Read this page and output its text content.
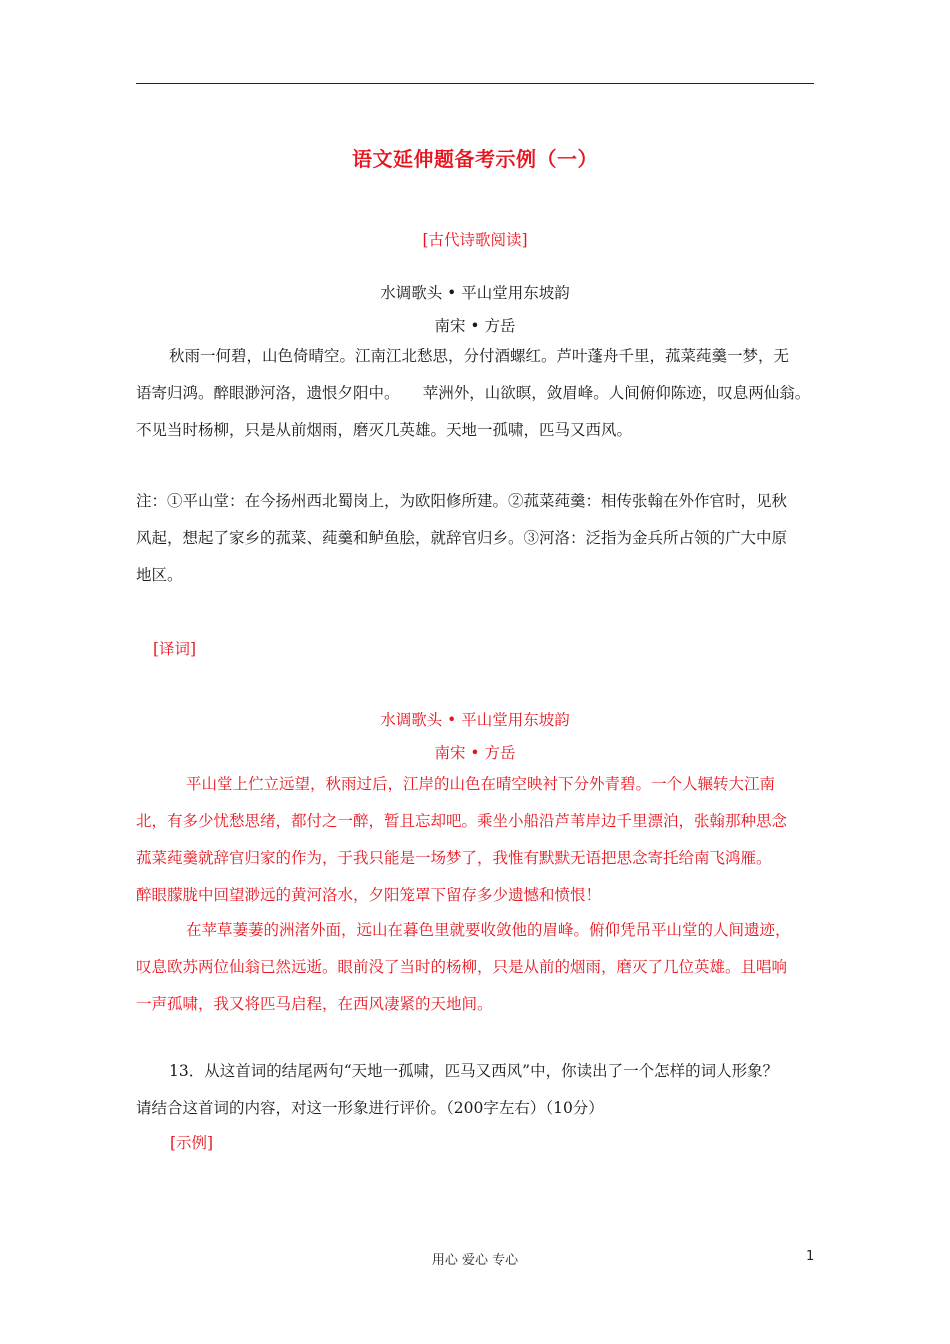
语文延伸题备考示例（一）
[古代诗歌阅读]
水调歌头 • 平山堂用东坡韵
南宋 • 方岳
秋雨一何碧，山色倚晴空。江南江北愁思，分付酒螺红。芦叶蓬舟千里，菰菜莼羹一梦，无
语寄归鸿。醉眼渺河洛，遗恨夕阳中。　　苹洲外，山欲暝，敛眉峰。人间俯仰陈迹，叹息两仙翁。
不见当时杨柳，只是从前烟雨，磨灭几英雄。天地一孤啸，匹马又西风。
注：①平山堂：在今扬州西北蜀岗上，为欧阳修所建。②菰菜莼羹：相传张翰在外作官时，见秋
风起，想起了家乡的菰菜、莼羹和鲈鱼脍，就辞官归乡。③河洛：泛指为金兵所占领的广大中原
地区。
[译词]
水调歌头 • 平山堂用东坡韵
南宋 • 方岳
平山堂上伫立远望，秋雨过后，江岸的山色在晴空映衬下分外青碧。一个人辗转大江南
北，有多少忧愁思绪，都付之一醉，暂且忘却吧。乘坐小船沿芦苇岸边千里漂泊，张翰那种思念
菰菜莼羹就辞官归家的作为，于我只能是一场梦了，我惟有默默无语把思念寄托给南飞鸿雁。
醉眼朦胧中回望渺远的黄河洛水，夕阳笼罩下留存多少遗憾和愤恨！
在苹草萋萋的洲渚外面，远山在暮色里就要收敛他的眉峰。俯仰凭吊平山堂的人间遗迹，
叹息欧苏两位仙翁已然远逝。眼前没了当时的杨柳，只是从前的烟雨，磨灭了几位英雄。且唱响
一声孤啸，我又将匹马启程，在西风凄紧的天地间。
13．从这首词的结尾两句“天地一孤啸，匹马又西风”中，你读出了一个怎样的词人形象？
请结合这首词的内容，对这一形象进行评价。（200字左右）（10分）
[示例]
用心 爱心 专心	1
